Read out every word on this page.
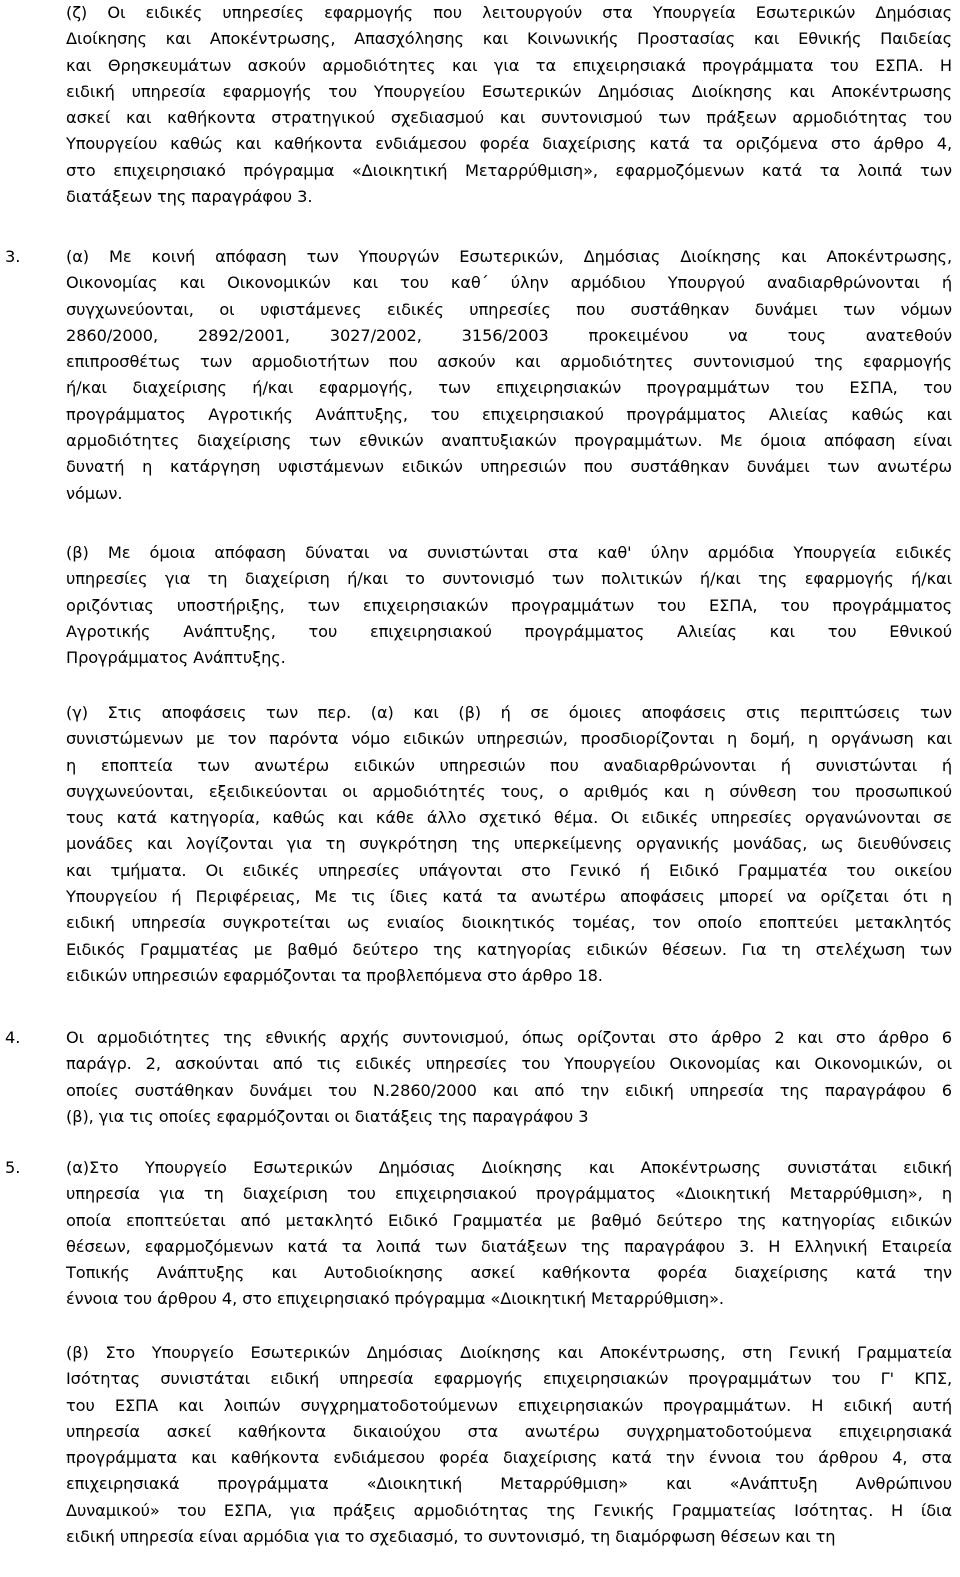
(ζ) Οι ειδικές υπηρεσίες εφαρμογής που λειτουργούν στα Υπουργεία Εσωτερικών Δημόσιας
Διοίκησης και Αποκέντρωσης, Απασχόλησης και Κοινωνικής Προστασίας και Εθνικής Παιδείας
και Θρησκευμάτων ασκούν αρμοδιότητες και για τα επιχειρησιακά προγράμματα του ΕΣΠΑ. Η
ειδική υπηρεσία εφαρμογής του Υπουργείου Εσωτερικών Δημόσιας Διοίκησης και Αποκέντρωσης
ασκεί και καθήκοντα στρατηγικού σχεδιασμού και συντονισμού των πράξεων αρμοδιότητας του
Υπουργείου καθώς και καθήκοντα ενδιάμεσου φορέα διαχείρισης κατά τα οριζόμενα στο άρθρο 4,
στο επιχειρησιακό πρόγραμμα «Διοικητική Μεταρρύθμιση», εφαρμοζόμενων κατά τα λοιπά των
διατάξεων της παραγράφου 3.
3.	(α) Με κοινή απόφαση των Υπουργών Εσωτερικών, Δημόσιας Διοίκησης και Αποκέντρωσης,
Οικονομίας και Οικονομικών και του καθ΄ ύλην αρμόδιου Υπουργού αναδιαρθρώνονται ή
συγχωνεύονται, οι υφιστάμενες ειδικές υπηρεσίες που συστάθηκαν δυνάμει των νόμων
2860/2000, 2892/2001, 3027/2002, 3156/2003 προκειμένου να τους ανατεθούν
επιπροσθέτως των αρμοδιοτήτων που ασκούν και αρμοδιότητες συντονισμού της εφαρμογής
ή/και διαχείρισης ή/και εφαρμογής, των επιχειρησιακών προγραμμάτων του ΕΣΠΑ, του
προγράμματος Αγροτικής Ανάπτυξης, του επιχειρησιακού προγράμματος Αλιείας καθώς και
αρμοδιότητες διαχείρισης των εθνικών αναπτυξιακών προγραμμάτων. Με όμοια απόφαση είναι
δυνατή η κατάργηση υφιστάμενων ειδικών υπηρεσιών που συστάθηκαν δυνάμει των ανωτέρω
νόμων.
(β) Με όμοια απόφαση δύναται να συνιστώνται στα καθ' ύλην αρμόδια Υπουργεία ειδικές
υπηρεσίες για τη διαχείριση ή/και το συντονισμό των πολιτικών ή/και της εφαρμογής ή/και
οριζόντιας υποστήριξης, των επιχειρησιακών προγραμμάτων του ΕΣΠΑ, του προγράμματος
Αγροτικής Ανάπτυξης, του επιχειρησιακού προγράμματος Αλιείας και του Εθνικού
Προγράμματος Ανάπτυξης.
(γ) Στις αποφάσεις των περ. (α) και (β) ή σε όμοιες αποφάσεις στις περιπτώσεις των
συνιστώμενων με τον παρόντα νόμο ειδικών υπηρεσιών, προσδιορίζονται η δομή, η οργάνωση και
η εποπτεία των ανωτέρω ειδικών υπηρεσιών που αναδιαρθρώνονται ή συνιστώνται ή
συγχωνεύονται, εξειδικεύονται οι αρμοδιότητές τους, ο αριθμός και η σύνθεση του προσωπικού
τους κατά κατηγορία, καθώς και κάθε άλλο σχετικό θέμα. Οι ειδικές υπηρεσίες οργανώνονται σε
μονάδες και λογίζονται για τη συγκρότηση της υπερκείμενης οργανικής μονάδας, ως διευθύνσεις
και τμήματα. Οι ειδικές υπηρεσίες υπάγονται στο Γενικό ή Ειδικό Γραμματέα του οικείου
Υπουργείου ή Περιφέρειας, Με τις ίδιες κατά τα ανωτέρω αποφάσεις μπορεί να ορίζεται ότι η
ειδική υπηρεσία συγκροτείται ως ενιαίος διοικητικός τομέας, τον οποίο εποπτεύει μετακλητός
Ειδικός Γραμματέας με βαθμό δεύτερο της κατηγορίας ειδικών θέσεων. Για τη στελέχωση των
ειδικών υπηρεσιών εφαρμόζονται τα προβλεπόμενα στο άρθρο 18.
4.	Οι αρμοδιότητες της εθνικής αρχής συντονισμού, όπως ορίζονται στο άρθρο 2 και στο άρθρο 6
παράγρ. 2, ασκούνται από τις ειδικές υπηρεσίες του Υπουργείου Οικονομίας και Οικονομικών, οι
οποίες συστάθηκαν δυνάμει του Ν.2860/2000 και από την ειδική υπηρεσία της παραγράφου 6
(β), για τις οποίες εφαρμόζονται οι διατάξεις της παραγράφου 3
5.	(α)Στο Υπουργείο Εσωτερικών Δημόσιας Διοίκησης και Αποκέντρωσης συνιστάται ειδική
υπηρεσία για τη διαχείριση του επιχειρησιακού προγράμματος «Διοικητική Μεταρρύθμιση», η
οποία εποπτεύεται από μετακλητό Ειδικό Γραμματέα με βαθμό δεύτερο της κατηγορίας ειδικών
θέσεων, εφαρμοζόμενων κατά τα λοιπά των διατάξεων της παραγράφου 3. Η Ελληνική Εταιρεία
Τοπικής Ανάπτυξης και Αυτοδιοίκησης ασκεί καθήκοντα φορέα διαχείρισης κατά την
έννοια του άρθρου 4, στο επιχειρησιακό πρόγραμμα «Διοικητική Μεταρρύθμιση».
(β) Στο Υπουργείο Εσωτερικών Δημόσιας Διοίκησης και Αποκέντρωσης, στη Γενική Γραμματεία
Ισότητας συνιστάται ειδική υπηρεσία εφαρμογής επιχειρησιακών προγραμμάτων του Γ' ΚΠΣ,
του ΕΣΠΑ και λοιπών συγχρηματοδοτούμενων επιχειρησιακών προγραμμάτων. Η ειδική αυτή
υπηρεσία ασκεί καθήκοντα δικαιούχου στα ανωτέρω συγχρηματοδοτούμενα επιχειρησιακά
προγράμματα και καθήκοντα ενδιάμεσου φορέα διαχείρισης κατά την έννοια του άρθρου 4, στα
επιχειρησιακά προγράμματα «Διοικητική Μεταρρύθμιση» και «Ανάπτυξη Ανθρώπινου
Δυναμικού» του ΕΣΠΑ, για πράξεις αρμοδιότητας της Γενικής Γραμματείας Ισότητας. Η ίδια
ειδική υπηρεσία είναι αρμόδια για το σχεδιασμό, το συντονισμό, τη διαμόρφωση θέσεων και τη
